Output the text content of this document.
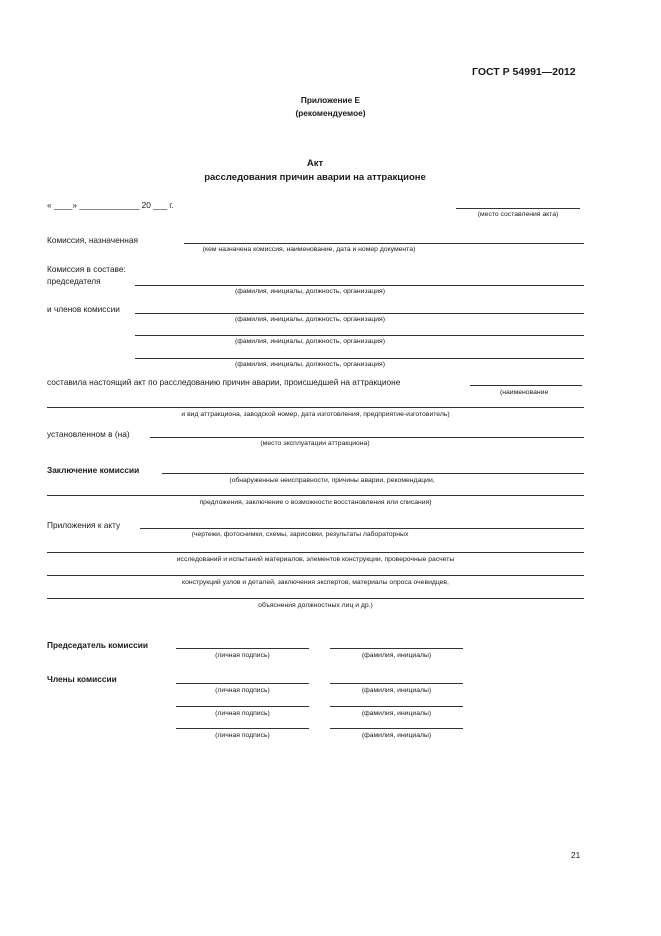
ГОСТ Р 54991—2012
Приложение Е
(рекомендуемое)
Акт
расследования причин аварии на аттракционе
« ____» _____________ 20 ___ г.
(место составления акта)
Комиссия, назначенная
(кем назначена комиссия, наименование, дата и номер документа)
Комиссия в составе:
председателя
(фамилия, инициалы, должность, организация)
и членов комиссии
(фамилия, инициалы, должность, организация)
(фамилия, инициалы, должность, организация)
(фамилия, инициалы, должность, организация)
составила настоящий акт по расследованию причин аварии, происшедшей на аттракционе
(наименование
и вид аттракциона, заводской номер, дата изготовления, предприятие-изготовитель)
установленном в (на)
(место эксплуатации аттракциона)
Заключение комиссии
(обнаруженные неисправности, причины аварии, рекомендации,
предложения, заключение о возможности восстановления или списания)
Приложения к акту
(чертежи, фотоснимки, схемы, зарисовки, результаты лабораторных
исследований и испытаний материалов, элементов конструкции, проверочные расчеты
конструкций узлов и деталей, заключения экспертов, материалы опроса очевидцев,
объяснения должностных лиц и др.)
Председатель комиссии
(личная подпись)	(фамилия, инициалы)
Члены комиссии
(личная подпись)	(фамилия, инициалы)
(личная подпись)	(фамилия, инициалы)
(личная подпись)	(фамилия, инициалы)
21
